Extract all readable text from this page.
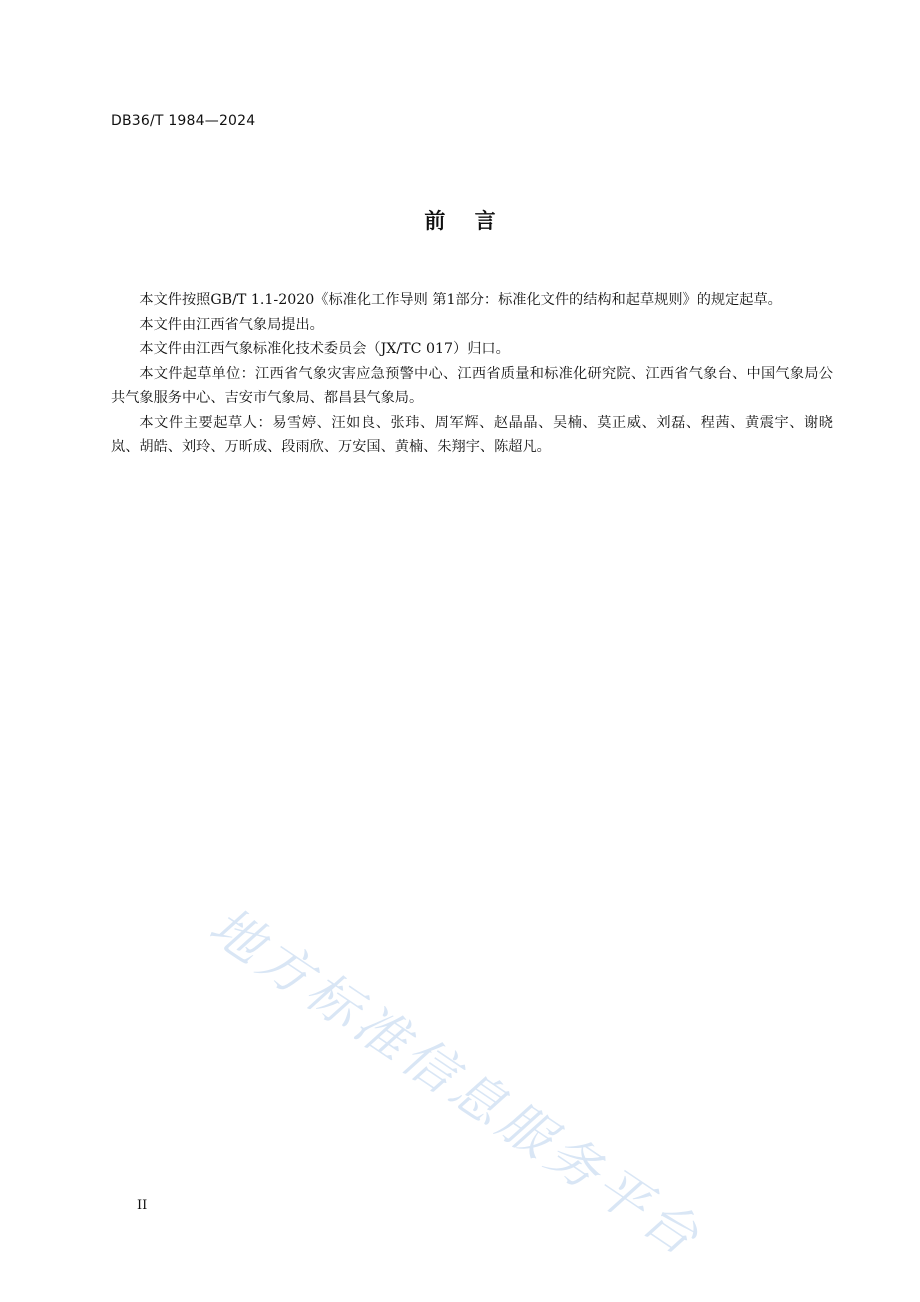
DB36/T 1984—2024
前    言

本文件按照GB/T 1.1-2020《标准化工作导则 第1部分：标准化文件的结构和起草规则》的规定起草。

本文件由江西省气象局提出。

本文件由江西气象标准化技术委员会（JX/TC 017）归口。

本文件起草单位：江西省气象灾害应急预警中心、江西省质量和标准化研究院、江西省气象台、中国气象局公共气象服务中心、吉安市气象局、都昌县气象局。

本文件主要起草人：易雪婷、汪如良、张玮、周军辉、赵晶晶、吴楠、莫正威、刘磊、程茜、黄震宇、谢晓岚、胡皓、刘玲、万昕成、段雨欣、万安国、黄楠、朱翔宇、陈超凡。

地方标准信息服务平台
II
